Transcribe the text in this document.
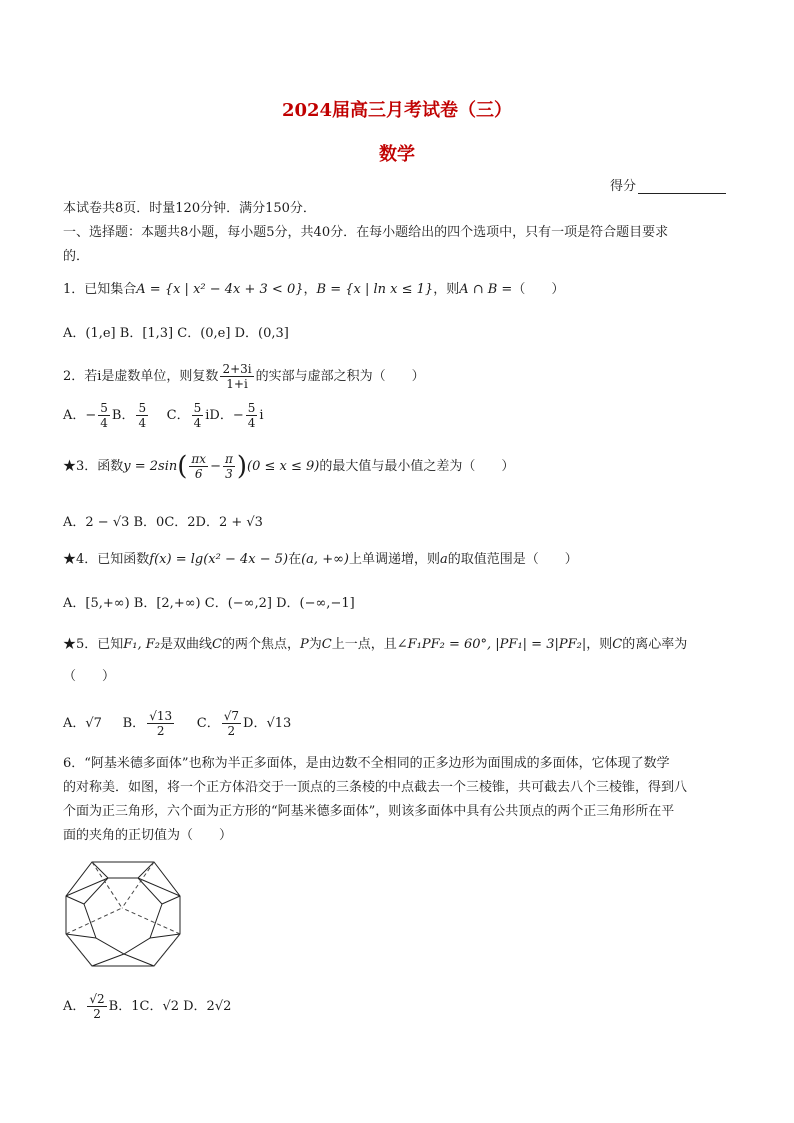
2024届高三月考试卷（三）
数学
得分
本试卷共8页．时量120分钟．满分150分．
一、选择题：本题共8小题，每小题5分，共40分．在每小题给出的四个选项中，只有一项是符合题目要求
的．
1．已知集合A = {x | x² − 4x + 3 < 0}，B = {x | ln x ≤ 1}，则A ∩ B =（　　）
A．(1,e] B．[1,3] C．(0,e] D．(0,3]
2．若i是虚数单位，则复数 $\frac{2+3i}{1+i}$ 的实部与虚部之积为（　　）
A．− $\frac{5}{4}$ B． $\frac{5}{4}$ C． $\frac{5}{4}$ iD．− $\frac{5}{4}$ i
★3．函数$y = 2\sin( \frac{\pi x}{6} - \frac{\pi}{3} )(0 \le x \le 9)$的最大值与最小值之差为（　　）
A．2 − √3 B．0C．2D．2 + √3
★4．已知函数f(x) = lg(x² − 4x − 5)在(a, +∞)上单调递增，则a的取值范围是（　　）
A．[5,+∞) B．[2,+∞) C．(−∞,2] D．(−∞,−1]
★5．已知F₁, F₂是双曲线C的两个焦点，P为C上一点，且∠F₁PF₂ = 60°, |PF₁| = 3|PF₂|，则C的离心率为
（　　）
A．√7 B． $\frac{√13}{2}$ C． $\frac{√7}{2}$ D．√13
6．“阿基米德多面体”也称为半正多面体，是由边数不全相同的正多边形为面围成的多面体，它体现了数学
的对称美．如图，将一个正方体沿交于一顶点的三条棱的中点截去一个三棱锥，共可截去八个三棱锥，得到八
个面为正三角形，六个面为正方形的“阿基米德多面体”，则该多面体中具有公共顶点的两个正三角形所在平
面的夹角的正切值为（　　）
A． $\frac{√2}{2}$ B．1C．√2 D．2√2
